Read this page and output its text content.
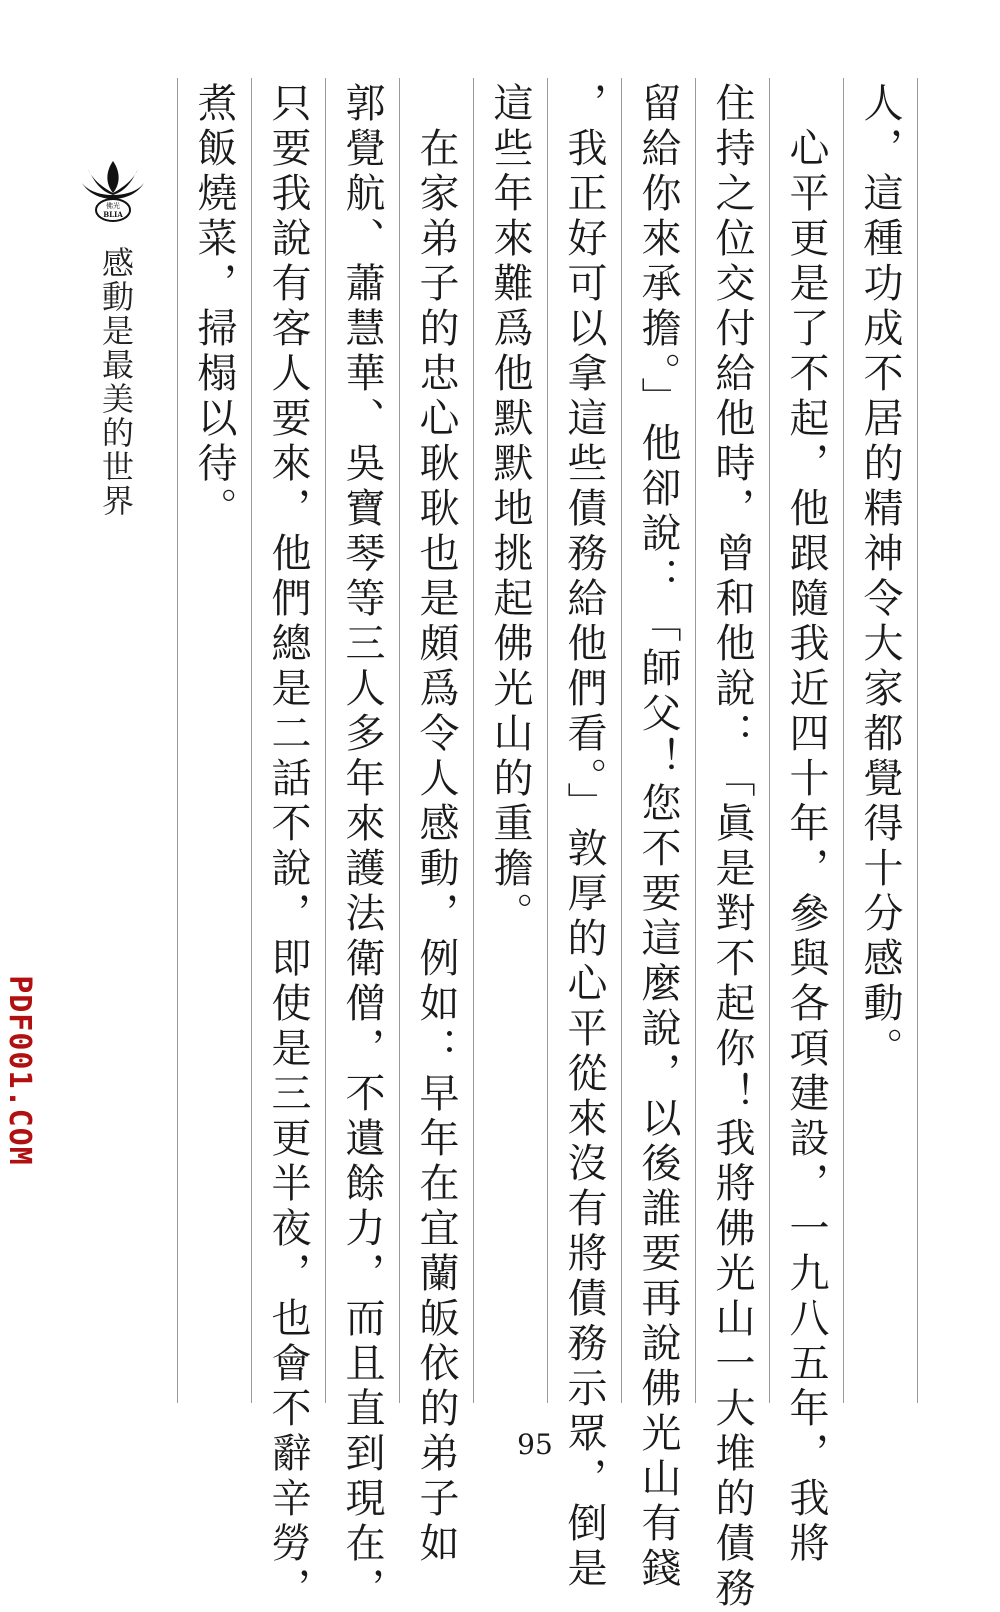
人，這種功成不居的精神令大家都覺得十分感動。
　心平更是了不起，他跟隨我近四十年，參與各項建設，一九八五年，我將
住持之位交付給他時，曾和他說：「眞是對不起你！我將佛光山一大堆的債務
留給你來承擔。」他卻說：「師父！您不要這麼說，以後誰要再說佛光山有錢
，我正好可以拿這些債務給他們看。」敦厚的心平從來沒有將債務示眾，倒是
這些年來難爲他默默地挑起佛光山的重擔。
　在家弟子的忠心耿耿也是頗爲令人感動，例如：早年在宜蘭皈依的弟子如
郭覺航、蕭慧華、吳寶琴等三人多年來護法衛僧，不遺餘力，而且直到現在，
只要我說有客人要來，他們總是二話不說，即使是三更半夜，也會不辭辛勞，
煮飯燒菜，掃榻以待。
佛光
BLIA
感動是最美的世界
PDF001.COM
95
